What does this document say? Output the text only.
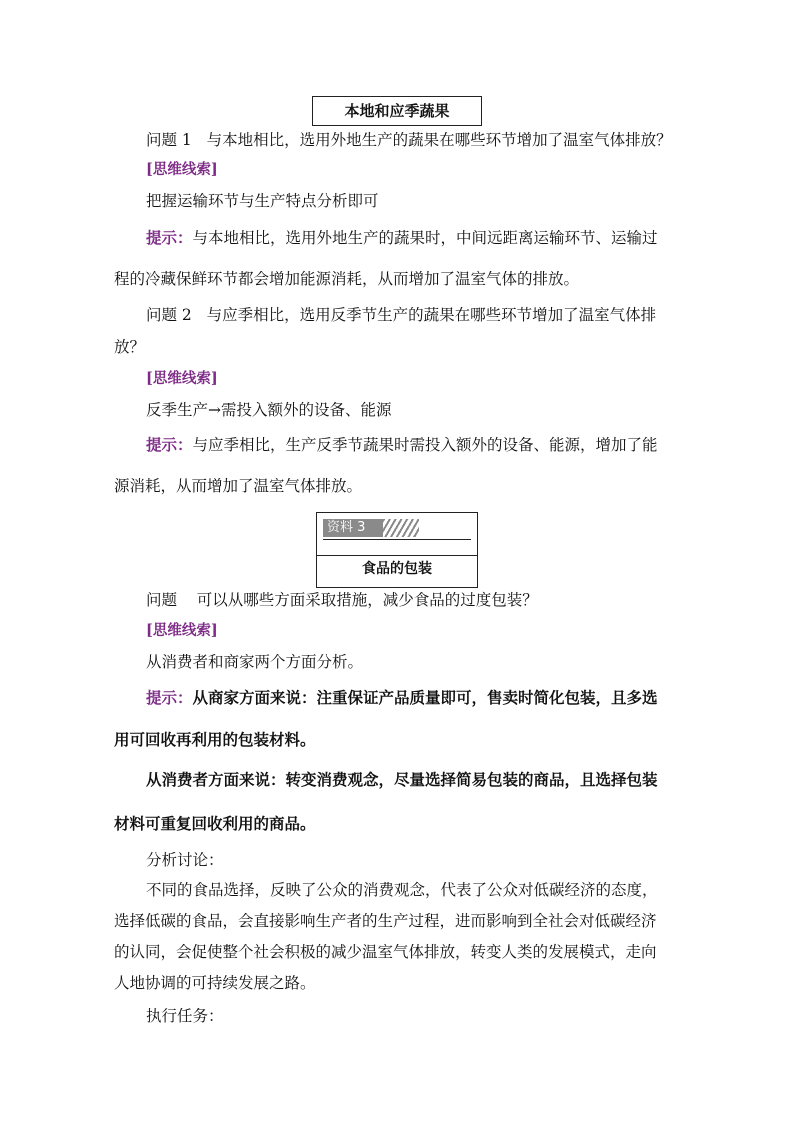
本地和应季蔬果
问题 1 与本地相比，选用外地生产的蔬果在哪些环节增加了温室气体排放？
[思维线索]
把握运输环节与生产特点分析即可
提示：与本地相比，选用外地生产的蔬果时，中间远距离运输环节、运输过
程的冷藏保鲜环节都会增加能源消耗，从而增加了温室气体的排放。
问题 2 与应季相比，选用反季节生产的蔬果在哪些环节增加了温室气体排
放？
[思维线索]
反季生产→需投入额外的设备、能源
提示：与应季相比，生产反季节蔬果时需投入额外的设备、能源，增加了能
源消耗，从而增加了温室气体排放。
资料 3
食品的包装
问题 可以从哪些方面采取措施，减少食品的过度包装？
[思维线索]
从消费者和商家两个方面分析。
提示：从商家方面来说：注重保证产品质量即可，售卖时简化包装，且多选
用可回收再利用的包装材料。
从消费者方面来说：转变消费观念，尽量选择简易包装的商品，且选择包装
材料可重复回收利用的商品。
分析讨论：
不同的食品选择，反映了公众的消费观念，代表了公众对低碳经济的态度，
选择低碳的食品，会直接影响生产者的生产过程，进而影响到全社会对低碳经济
的认同，会促使整个社会积极的减少温室气体排放，转变人类的发展模式，走向
人地协调的可持续发展之路。
执行任务：
